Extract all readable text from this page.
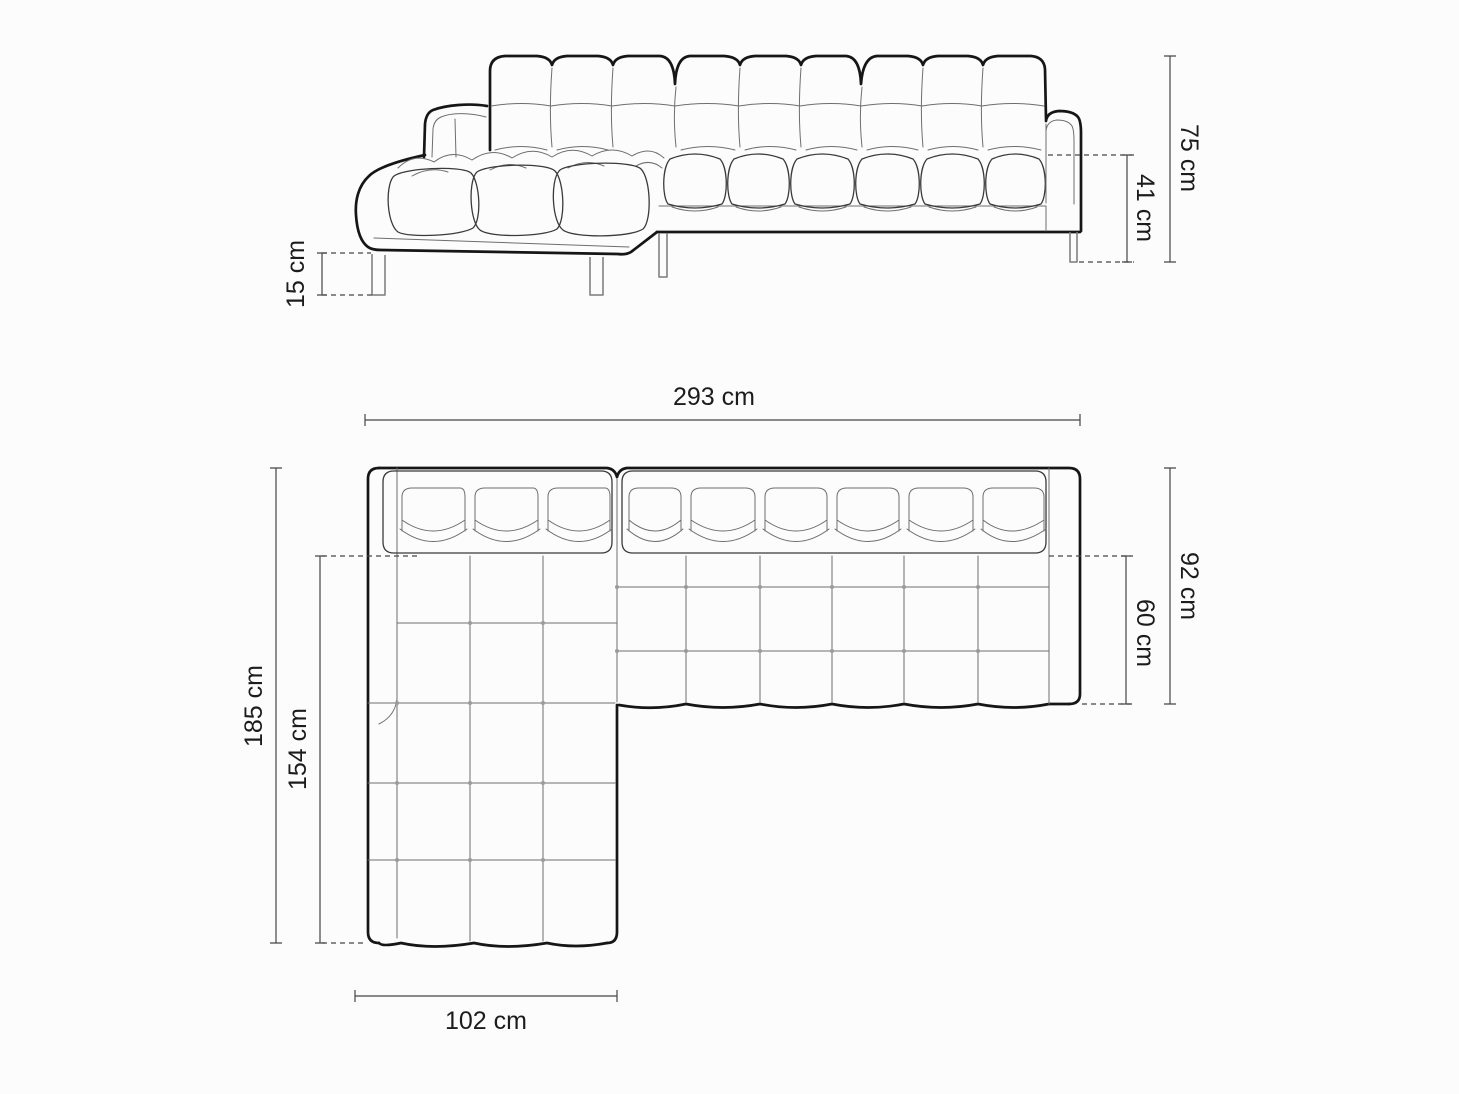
15 cm
41 cm
75 cm
293 cm
185 cm
154 cm
92 cm
60 cm
102 cm
